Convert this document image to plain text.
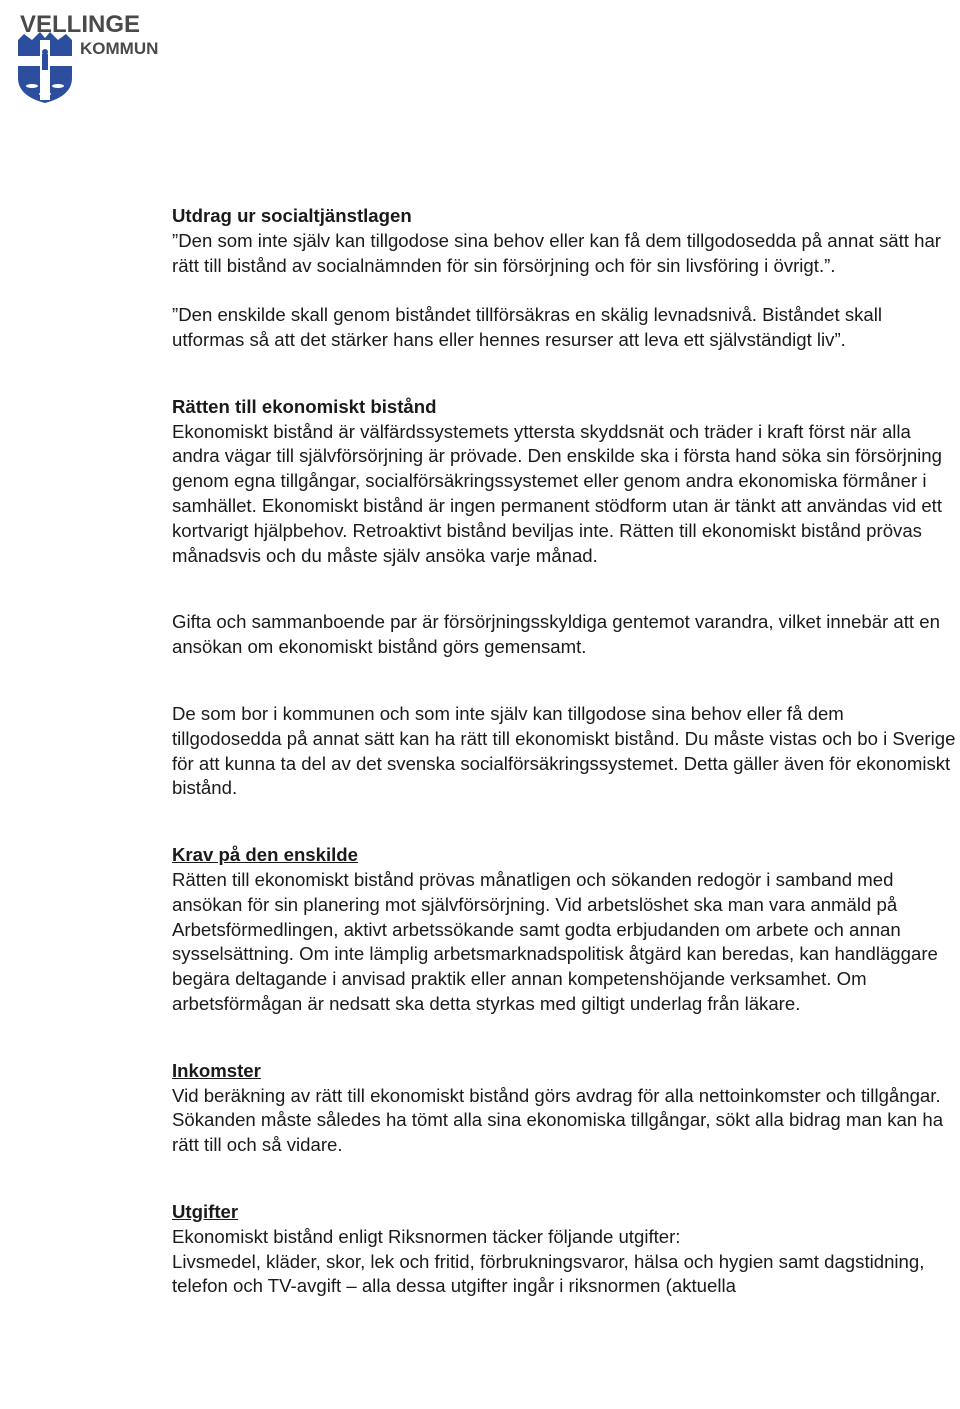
VELLINGE
KOMMUN

Utdrag ur socialtjänstlagen
”Den som inte själv kan tillgodose sina behov eller kan få dem tillgodosedda på annat sätt har rätt till bistånd av socialnämnden för sin försörjning och för sin livsföring i övrigt.”.

”Den enskilde skall genom biståndet tillförsäkras en skälig levnadsnivå. Biståndet skall utformas så att det stärker hans eller hennes resurser att leva ett självständigt liv”.

Rätten till ekonomiskt bistånd
Ekonomiskt bistånd är välfärdssystemets yttersta skyddsnät och träder i kraft först när alla andra vägar till självförsörjning är prövade. Den enskilde ska i första hand söka sin försörjning genom egna tillgångar, socialförsäkringssystemet eller genom andra ekonomiska förmåner i samhället. Ekonomiskt bistånd är ingen permanent stödform utan är tänkt att användas vid ett kortvarigt hjälpbehov. Retroaktivt bistånd beviljas inte. Rätten till ekonomiskt bistånd prövas månadsvis och du måste själv ansöka varje månad.

Gifta och sammanboende par är försörjningsskyldiga gentemot varandra, vilket innebär att en ansökan om ekonomiskt bistånd görs gemensamt.

De som bor i kommunen och som inte själv kan tillgodose sina behov eller få dem tillgodosedda på annat sätt kan ha rätt till ekonomiskt bistånd. Du måste vistas och bo i Sverige för att kunna ta del av det svenska socialförsäkringssystemet. Detta gäller även för ekonomiskt bistånd.

Krav på den enskilde
Rätten till ekonomiskt bistånd prövas månatligen och sökanden redogör i samband med ansökan för sin planering mot självförsörjning. Vid arbetslöshet ska man vara anmäld på Arbetsförmedlingen, aktivt arbetssökande samt godta erbjudanden om arbete och annan sysselsättning. Om inte lämplig arbetsmarknadspolitisk åtgärd kan beredas, kan handläggare begära deltagande i anvisad praktik eller annan kompetenshöjande verksamhet. Om arbetsförmågan är nedsatt ska detta styrkas med giltigt underlag från läkare.

Inkomster
Vid beräkning av rätt till ekonomiskt bistånd görs avdrag för alla nettoinkomster och tillgångar. Sökanden måste således ha tömt alla sina ekonomiska tillgångar, sökt alla bidrag man kan ha rätt till och så vidare.

Utgifter
Ekonomiskt bistånd enligt Riksnormen täcker följande utgifter:
Livsmedel, kläder, skor, lek och fritid, förbrukningsvaror, hälsa och hygien samt dagstidning, telefon och TV-avgift – alla dessa utgifter ingår i riksnormen (aktuella
